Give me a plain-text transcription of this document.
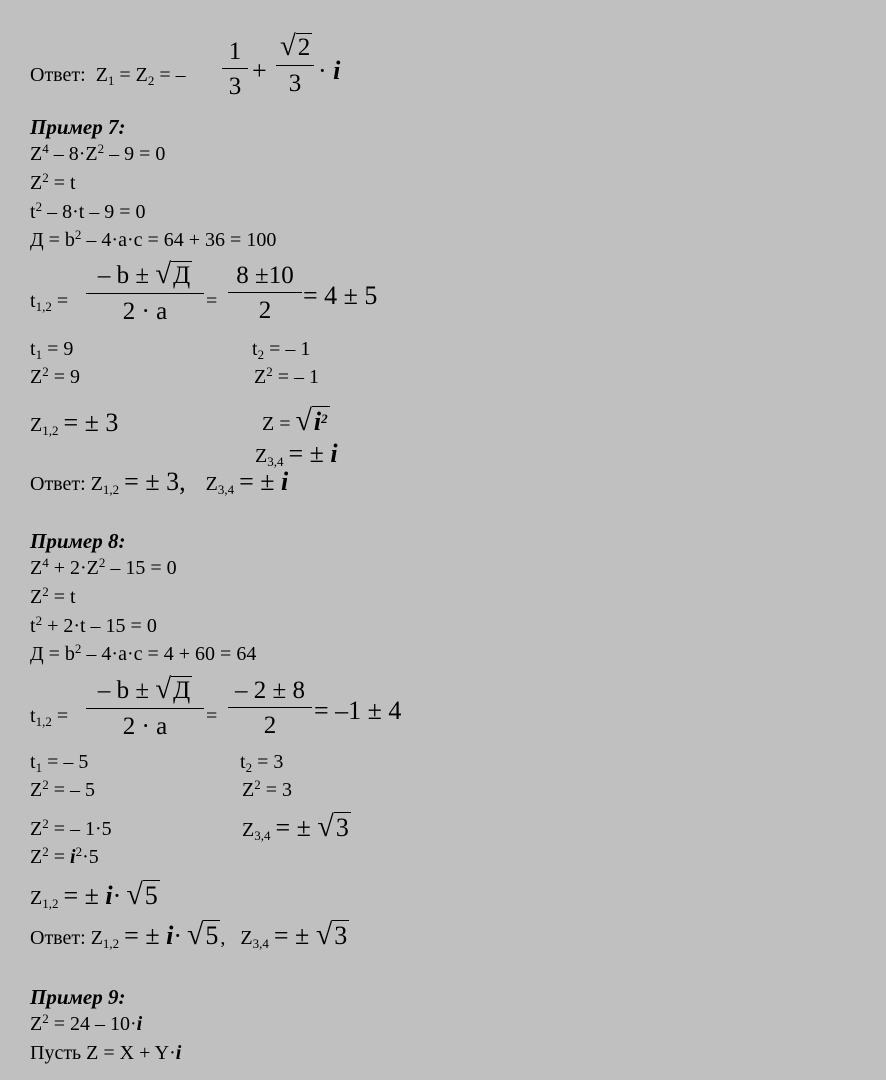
Ответ: $Z_1 = Z_2$ = – $\frac{1}{3} + \frac{√2}{3} \cdot i$
Пример 7:
$Z^4 - 8\cdot Z^2 - 9 = 0$
$Z^2 = t$
$t^2 - 8\cdot t - 9 = 0$
$Д = b^2 - 4\cdot a\cdot c = 64 + 36 = 100$
$t_{1,2}$ =
– b ± √Д
2 · a	= $\frac{8 \pm 10}{2} = 4 \pm 5$
$t_1 = 9$	$t_2$ = – 1
$Z^2 = 9$	$Z^2$ = – 1
$Z_{1,2}$ = ± 3	$Z = √i^2$
$Z_{3,4}$ = ± i
Ответ: $Z_{1,2}$ = ± 3,    $Z_{3,4}$ = ± i
Пример 8:
$Z^4 + 2\cdot Z^2 - 15 = 0$
$Z^2 = t$
$t^2 + 2\cdot t - 15 = 0$
$Д = b^2 - 4\cdot a\cdot c = 4 + 60 = 64$
$t_{1,2}$ =
– b ± √Д
2 · a	= $\frac{- 2 \pm 8}{2} = -1 \pm 4$
$t_1$ = – 5	$t_2 = 3$
$Z^2$ = – 5	$Z^2 = 3$
$Z^2$ = – 1·5	$Z_{3,4}$ = ± √3
$Z^2 = i^2\cdot 5$
$Z_{1,2}$ = ± i· √5
Ответ: $Z_{1,2}$ = ± i· √5 ,   $Z_{3,4}$ = ± √3
Пример 9:
$Z^2 = 24 - 10\cdot i$
Пусть Z = X + Y·i
